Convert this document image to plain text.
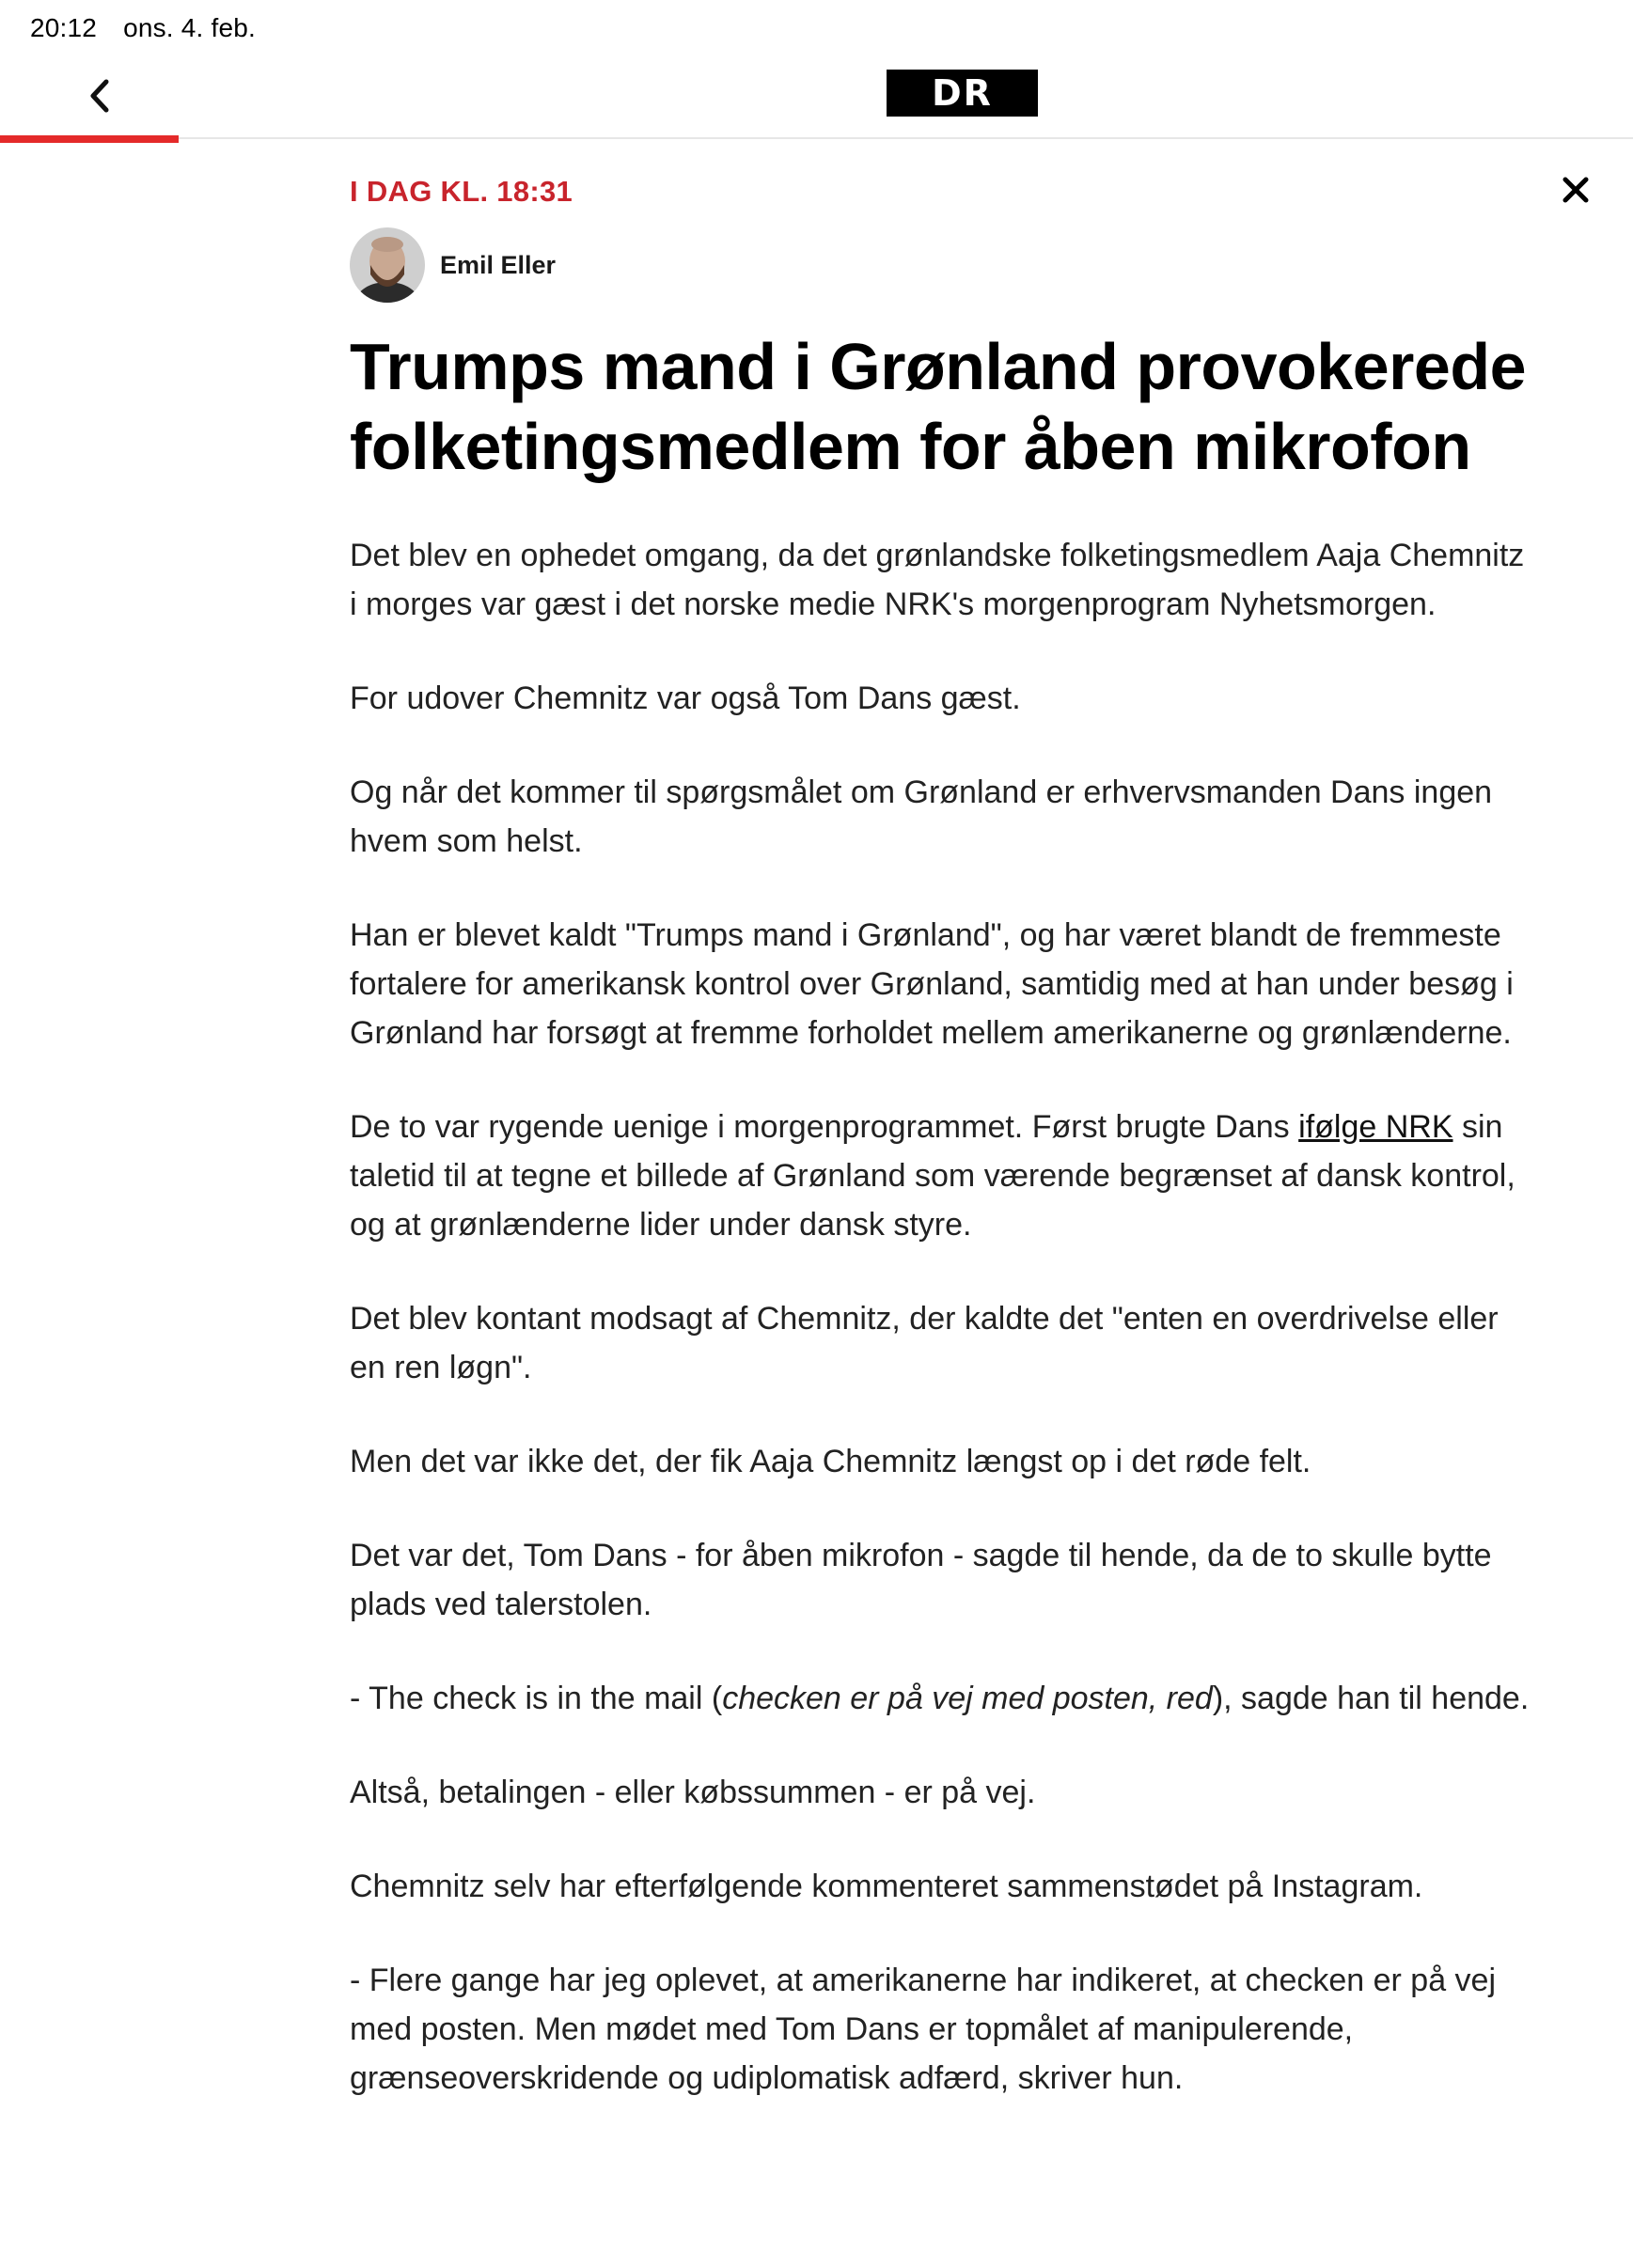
20:12 ons. 4. feb.
DR

I DAG KL. 18:31

Emil Eller
Trumps mand i Grønland provokerede folketingsmedlem for åben mikrofon

Det blev en ophedet omgang, da det grønlandske folketingsmedlem Aaja Chemnitz i morges var gæst i det norske medie NRK's morgenprogram Nyhetsmorgen.

For udover Chemnitz var også Tom Dans gæst.

Og når det kommer til spørgsmålet om Grønland er erhvervsmanden Dans ingen hvem som helst.

Han er blevet kaldt "Trumps mand i Grønland", og har været blandt de fremmeste fortalere for amerikansk kontrol over Grønland, samtidig med at han under besøg i Grønland har forsøgt at fremme forholdet mellem amerikanerne og grønlænderne.

De to var rygende uenige i morgenprogrammet. Først brugte Dans ifølge NRK sin taletid til at tegne et billede af Grønland som værende begrænset af dansk kontrol, og at grønlænderne lider under dansk styre.

Det blev kontant modsagt af Chemnitz, der kaldte det "enten en overdrivelse eller en ren løgn".

Men det var ikke det, der fik Aaja Chemnitz længst op i det røde felt.

Det var det, Tom Dans - for åben mikrofon - sagde til hende, da de to skulle bytte plads ved talerstolen.

- The check is in the mail (checken er på vej med posten, red), sagde han til hende.

Altså, betalingen - eller købssummen - er på vej.

Chemnitz selv har efterfølgende kommenteret sammenstødet på Instagram.

- Flere gange har jeg oplevet, at amerikanerne har indikeret, at checken er på vej med posten. Men mødet med Tom Dans er topmålet af manipulerende, grænseoverskridende og udiplomatisk adfærd, skriver hun.
